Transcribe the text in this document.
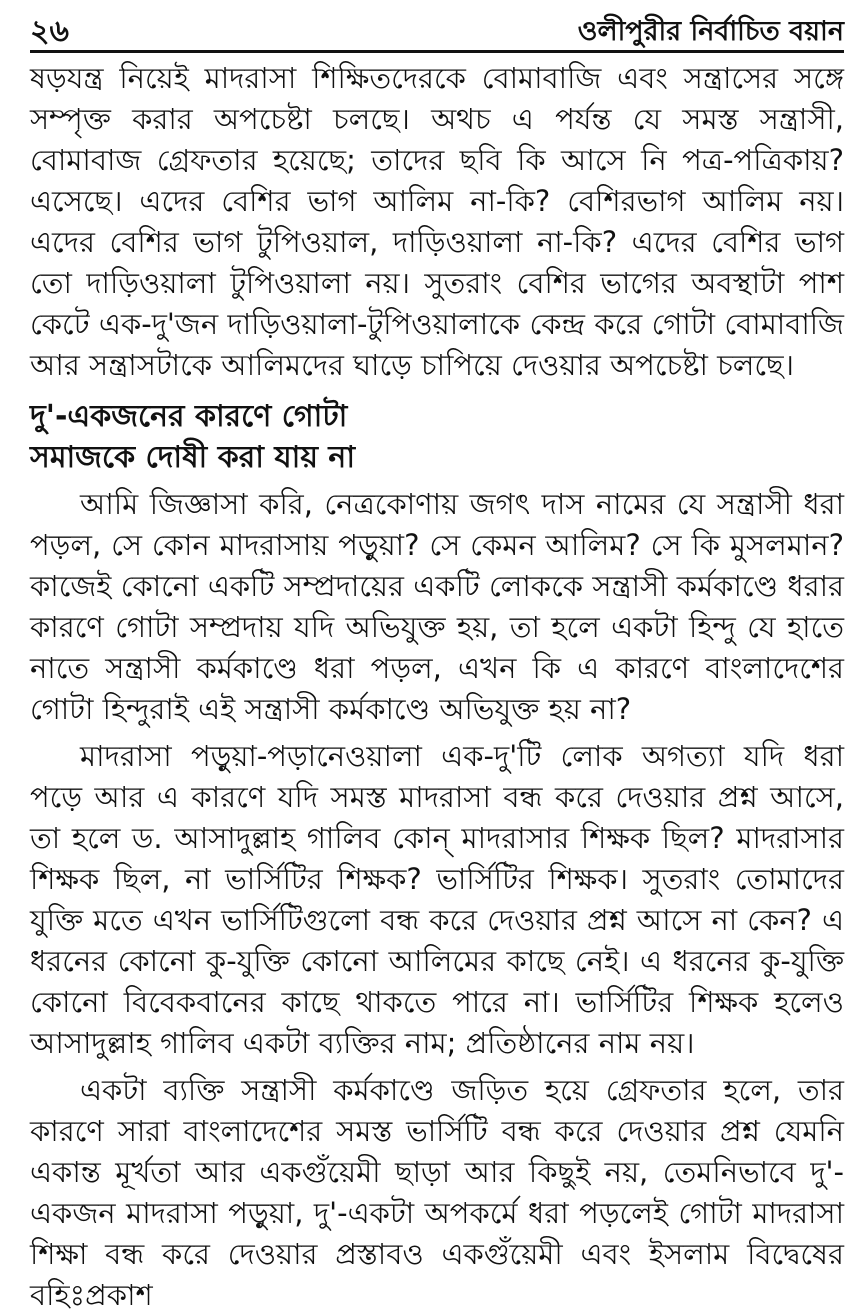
২৬	ওলীপুরীর নির্বাচিত বয়ান

ষড়যন্ত্র নিয়েই মাদরাসা শিক্ষিতদেরকে বোমাবাজি এবং সন্ত্রাসের সঙ্গে সম্পৃক্ত করার অপচেষ্টা চলছে। অথচ এ পর্যন্ত যে সমস্ত সন্ত্রাসী, বোমাবাজ গ্রেফতার হয়েছে; তাদের ছবি কি আসে নি পত্র-পত্রিকায়? এসেছে। এদের বেশির ভাগ আলিম না-কি? বেশিরভাগ আলিম নয়। এদের বেশির ভাগ টুপিওয়াল, দাড়িওয়ালা না-কি? এদের বেশির ভাগ তো দাড়িওয়ালা টুপিওয়ালা নয়। সুতরাং বেশির ভাগের অবস্থাটা পাশ কেটে এক-দু'জন দাড়িওয়ালা-টুপিওয়ালাকে কেন্দ্র করে গোটা বোমাবাজি আর সন্ত্রাসটাকে আলিমদের ঘাড়ে চাপিয়ে দেওয়ার অপচেষ্টা চলছে।

দু'-একজনের কারণে গোটা
সমাজকে দোষী করা যায় না

আমি জিজ্ঞাসা করি, নেত্রকোণায় জগৎ দাস নামের যে সন্ত্রাসী ধরা পড়ল, সে কোন মাদরাসায় পড়ুয়া? সে কেমন আলিম? সে কি মুসলমান? কাজেই কোনো একটি সম্প্রদায়ের একটি লোককে সন্ত্রাসী কর্মকাণ্ডে ধরার কারণে গোটা সম্প্রদায় যদি অভিযুক্ত হয়, তা হলে একটা হিন্দু যে হাতে নাতে সন্ত্রাসী কর্মকাণ্ডে ধরা পড়ল, এখন কি এ কারণে বাংলাদেশের গোটা হিন্দুরাই এই সন্ত্রাসী কর্মকাণ্ডে অভিযুক্ত হয় না?

মাদরাসা পড়ুয়া-পড়ানেওয়ালা এক-দু'টি লোক অগত্যা যদি ধরা পড়ে আর এ কারণে যদি সমস্ত মাদরাসা বন্ধ করে দেওয়ার প্রশ্ন আসে, তা হলে ড. আসাদুল্লাহ গালিব কোন্ মাদরাসার শিক্ষক ছিল? মাদরাসার শিক্ষক ছিল, না ভার্সিটির শিক্ষক? ভার্সিটির শিক্ষক। সুতরাং তোমাদের যুক্তি মতে এখন ভার্সিটিগুলো বন্ধ করে দেওয়ার প্রশ্ন আসে না কেন? এ ধরনের কোনো কু-যুক্তি কোনো আলিমের কাছে নেই। এ ধরনের কু-যুক্তি কোনো বিবেকবানের কাছে থাকতে পারে না। ভার্সিটির শিক্ষক হলেও আসাদুল্লাহ গালিব একটা ব্যক্তির নাম; প্রতিষ্ঠানের নাম নয়।

একটা ব্যক্তি সন্ত্রাসী কর্মকাণ্ডে জড়িত হয়ে গ্রেফতার হলে, তার কারণে সারা বাংলাদেশের সমস্ত ভার্সিটি বন্ধ করে দেওয়ার প্রশ্ন যেমনি একান্ত মূর্খতা আর একগুঁয়েমী ছাড়া আর কিছুই নয়, তেমনিভাবে দু'-একজন মাদরাসা পড়ুয়া, দু'-একটা অপকর্মে ধরা পড়লেই গোটা মাদরাসা শিক্ষা বন্ধ করে দেওয়ার প্রস্তাবও একগুঁয়েমী এবং ইসলাম বিদ্বেষের বহিঃপ্রকাশ
